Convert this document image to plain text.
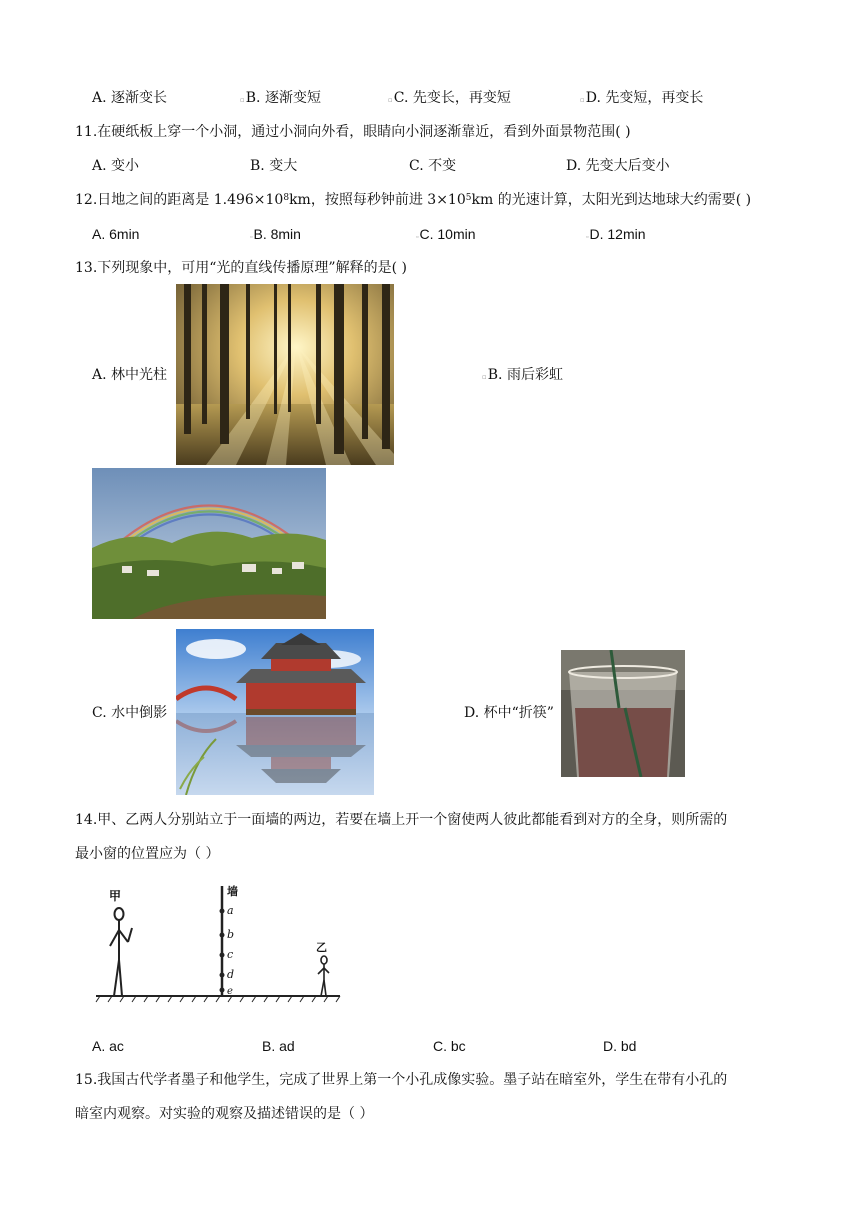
A. 逐渐变长	▫B. 逐渐变短	▫C. 先变长，再变短	▫D. 先变短，再变长
11.在硬纸板上穿一个小洞，通过小洞向外看，眼睛向小洞逐渐靠近，看到外面景物范围( )
A. 变小	B. 变大	C. 不变	D. 先变大后变小
12.日地之间的距离是 $1.496\times 10^8km$，按照每秒钟前进 $3\times 10^5km$ 的光速计算，太阳光到达地球大约需要( )
A. 6min	▫B. 8min	▫C. 10min	▫D. 12min
13.下列现象中，可用“光的直线传播原理”解释的是( )
A. 林中光柱	▫B. 雨后彩虹
C. 水中倒影	D. 杯中“折筷”
14.甲、乙两人分别站立于一面墙的两边，若要在墙上开一个窗使两人彼此都能看到对方的全身，则所需的
最小窗的位置应为（ ）
甲	墙
乙
a
b
c
d
e
A. ac	B. ad	C. bc	D. bd
15.我国古代学者墨子和他学生，完成了世界上第一个小孔成像实验。墨子站在暗室外，学生在带有小孔的
暗室内观察。对实验的观察及描述错误的是（ ）
